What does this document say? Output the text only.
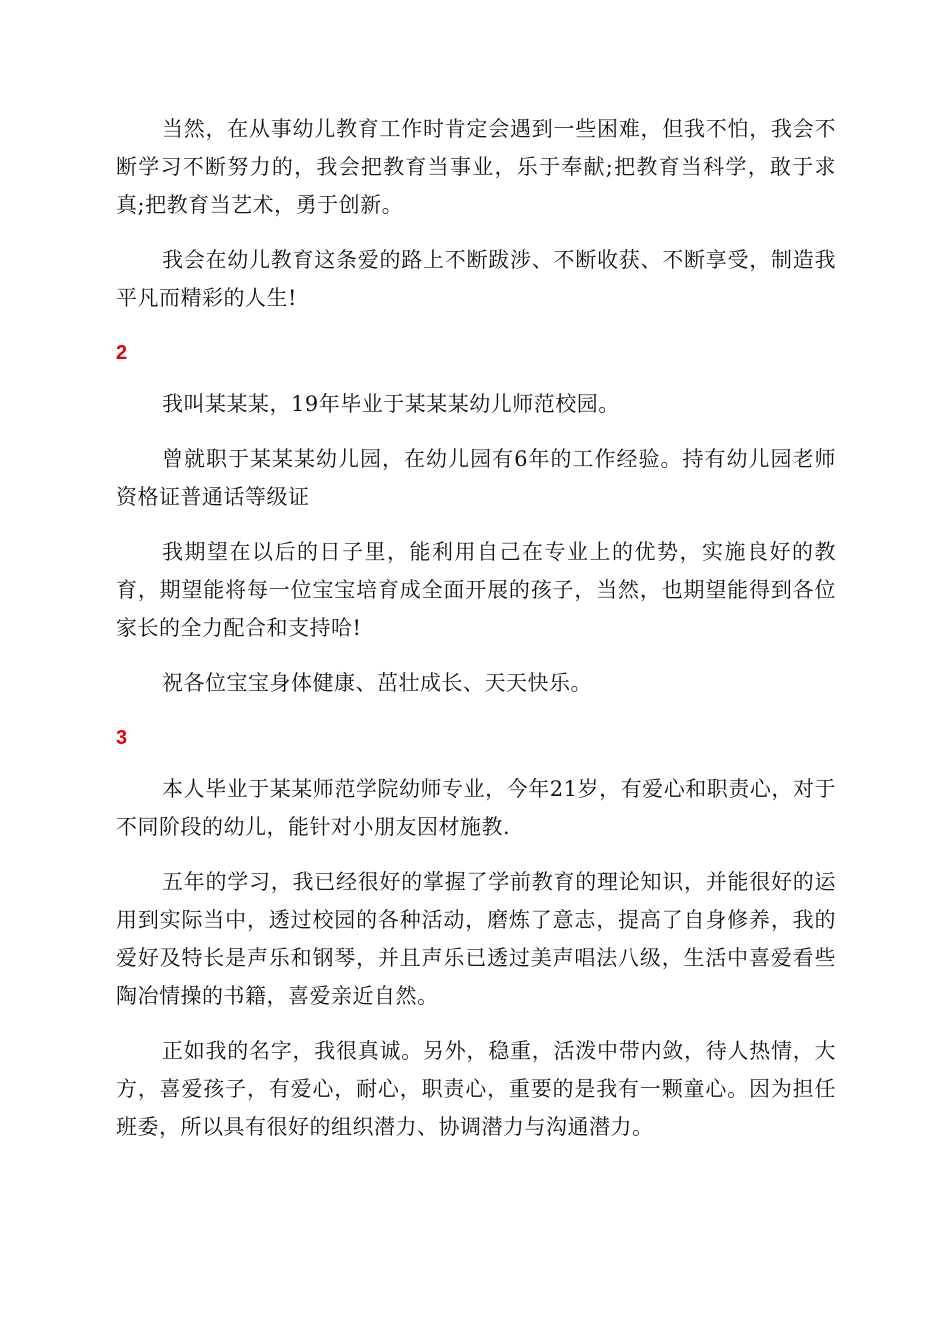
当然，在从事幼儿教育工作时肯定会遇到一些困难，但我不怕，我会不断学习不断努力的，我会把教育当事业，乐于奉献;把教育当科学，敢于求真;把教育当艺术，勇于创新。

我会在幼儿教育这条爱的路上不断跋涉、不断收获、不断享受，制造我平凡而精彩的人生!

2

我叫某某某，19年毕业于某某某幼儿师范校园。

曾就职于某某某幼儿园，在幼儿园有6年的工作经验。持有幼儿园老师资格证普通话等级证

我期望在以后的日子里，能利用自己在专业上的优势，实施良好的教育，期望能将每一位宝宝培育成全面开展的孩子，当然，也期望能得到各位家长的全力配合和支持哈!

祝各位宝宝身体健康、茁壮成长、天天快乐。

3

本人毕业于某某师范学院幼师专业，今年21岁，有爱心和职责心，对于不同阶段的幼儿，能针对小朋友因材施教.

五年的学习，我已经很好的掌握了学前教育的理论知识，并能很好的运用到实际当中，透过校园的各种活动，磨炼了意志，提高了自身修养，我的爱好及特长是声乐和钢琴，并且声乐已透过美声唱法八级，生活中喜爱看些陶冶情操的书籍，喜爱亲近自然。

正如我的名字，我很真诚。另外，稳重，活泼中带内敛，待人热情，大方，喜爱孩子，有爱心，耐心，职责心，重要的是我有一颗童心。因为担任班委，所以具有很好的组织潜力、协调潜力与沟通潜力。
